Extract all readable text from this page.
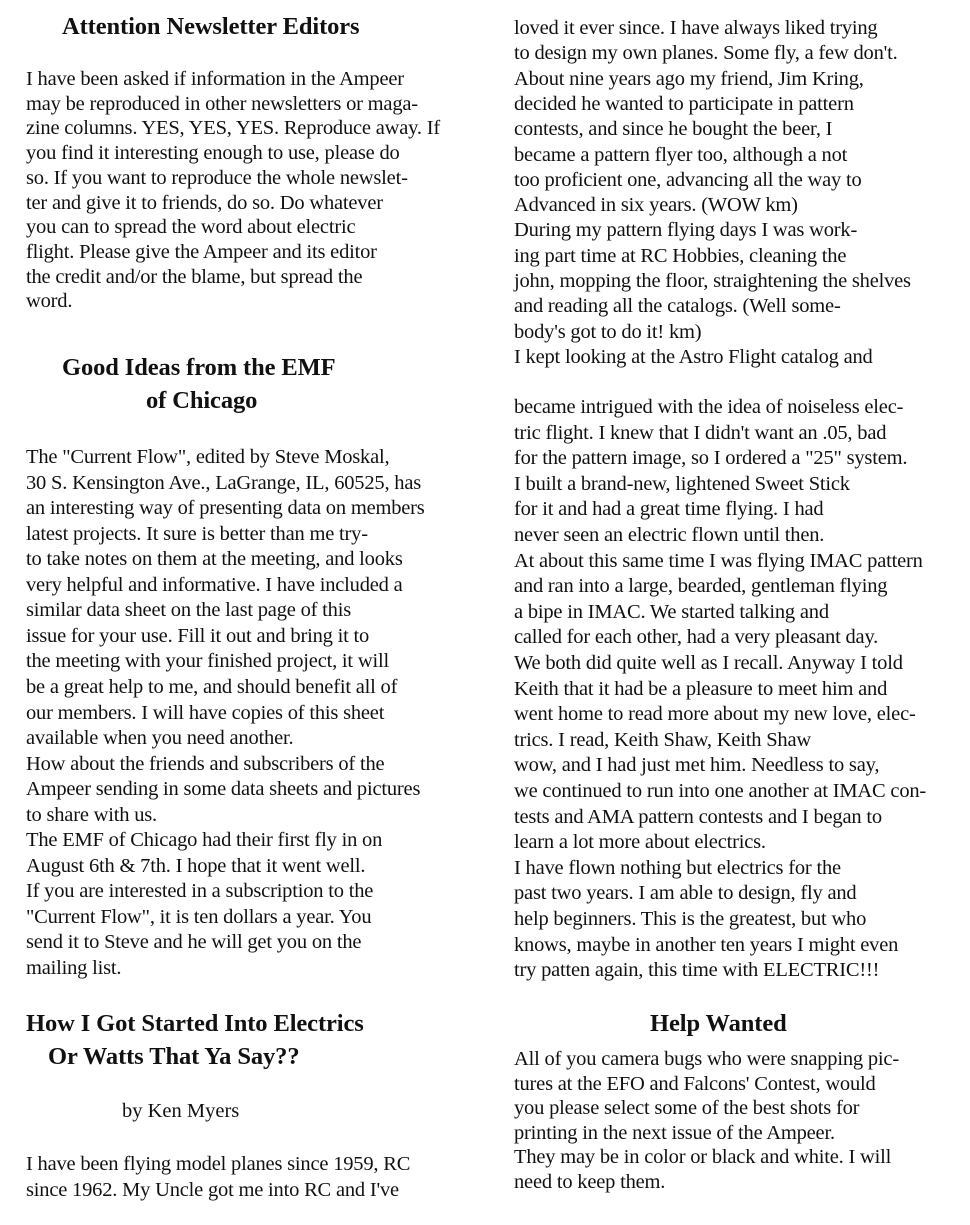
Attention Newsletter Editors
I have been asked if information in the Ampeer
may be reproduced in other newsletters or maga-
zine columns. YES, YES, YES. Reproduce away. If
you find it interesting enough to use, please do
so. If you want to reproduce the whole newslet-
ter and give it to friends, do so. Do whatever
you can to spread the word about electric
flight. Please give the Ampeer and its editor
the credit and/or the blame, but spread the
word.
Good Ideas from the EMF
of Chicago
The "Current Flow", edited by Steve Moskal,
30 S. Kensington Ave., LaGrange, IL, 60525, has
an interesting way of presenting data on members
latest projects. It sure is better than me try-
to take notes on them at the meeting, and looks
very helpful and informative. I have included a
similar data sheet on the last page of this
issue for your use. Fill it out and bring it to
the meeting with your finished project, it will
be a great help to me, and should benefit all of
our members. I will have copies of this sheet
available when you need another.
How about the friends and subscribers of the
Ampeer sending in some data sheets and pictures
to share with us.
The EMF of Chicago had their first fly in on
August 6th & 7th. I hope that it went well.
If you are interested in a subscription to the
"Current Flow", it is ten dollars a year. You
send it to Steve and he will get you on the
mailing list.
How I Got Started Into Electrics
Or Watts That Ya Say??
by Ken Myers
I have been flying model planes since 1959, RC
since 1962. My Uncle got me into RC and I've
loved it ever since. I have always liked trying
to design my own planes. Some fly, a few don't.
About nine years ago my friend, Jim Kring,
decided he wanted to participate in pattern
contests, and since he bought the beer, I
became a pattern flyer too, although a not
too proficient one, advancing all the way to
Advanced in six years. (WOW km)
During my pattern flying days I was work-
ing part time at RC Hobbies, cleaning the
john, mopping the floor, straightening the shelves
and reading all the catalogs. (Well some-
body's got to do it! km)
I kept looking at the Astro Flight catalog and
became intrigued with the idea of noiseless elec-
tric flight. I knew that I didn't want an .05, bad
for the pattern image, so I ordered a "25" system.
I built a brand-new, lightened Sweet Stick
for it and had a great time flying. I had
never seen an electric flown until then.
At about this same time I was flying IMAC pattern
and ran into a large, bearded, gentleman flying
a bipe in IMAC. We started talking and
called for each other, had a very pleasant day.
We both did quite well as I recall. Anyway I told
Keith that it had be a pleasure to meet him and
went home to read more about my new love, elec-
trics. I read, Keith Shaw, Keith Shaw
wow, and I had just met him. Needless to say,
we continued to run into one another at IMAC con-
tests and AMA pattern contests and I began to
learn a lot more about electrics.
I have flown nothing but electrics for the
past two years. I am able to design, fly and
help beginners. This is the greatest, but who
knows, maybe in another ten years I might even
try patten again, this time with ELECTRIC!!!
Help Wanted
All of you camera bugs who were snapping pic-
tures at the EFO and Falcons' Contest, would
you please select some of the best shots for
printing in the next issue of the Ampeer.
They may be in color or black and white. I will
need to keep them.
